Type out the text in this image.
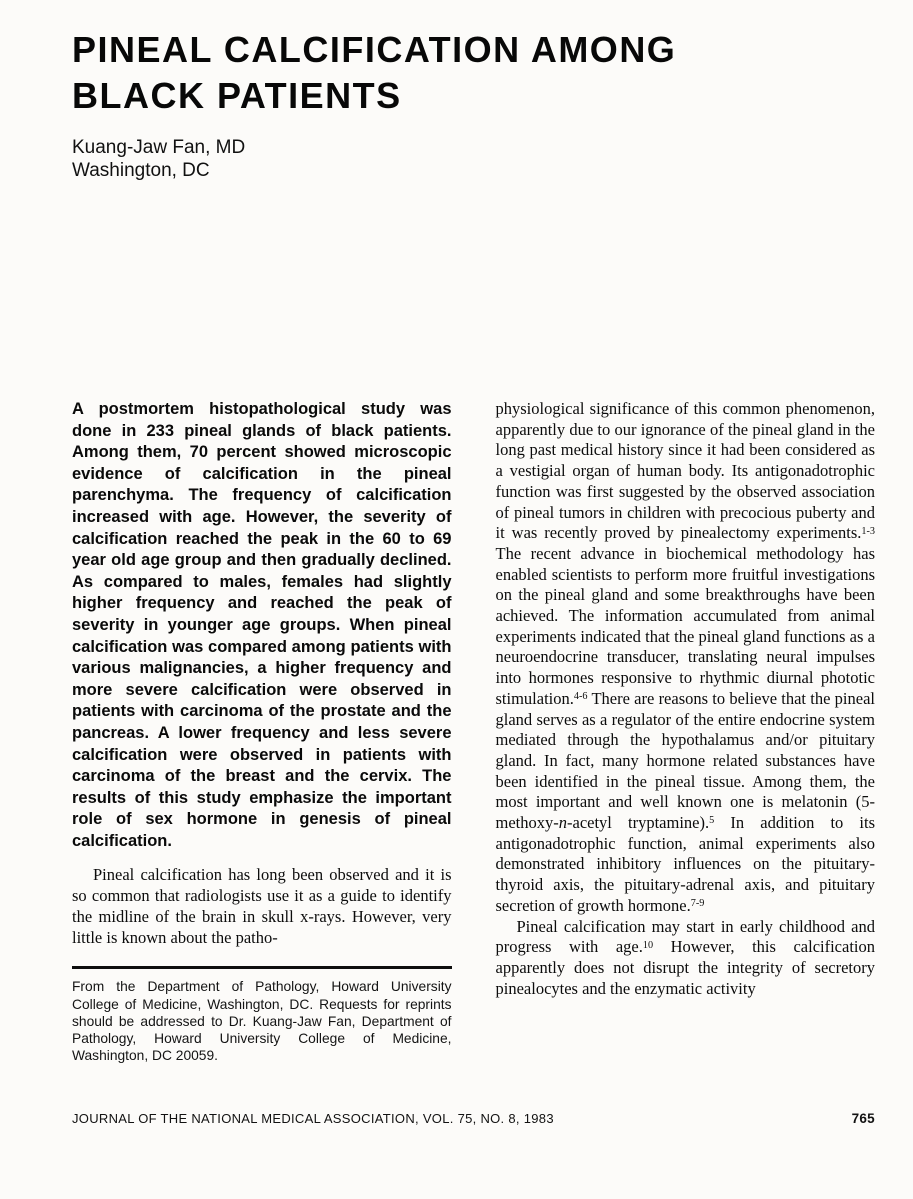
PINEAL CALCIFICATION AMONG
BLACK PATIENTS
Kuang-Jaw Fan, MD
Washington, DC

A postmortem histopathological study was done in 233 pineal glands of black patients. Among them, 70 percent showed microscopic evidence of calcification in the pineal parenchyma. The frequency of calcification increased with age. However, the severity of calcification reached the peak in the 60 to 69 year old age group and then gradually declined. As compared to males, females had slightly higher frequency and reached the peak of severity in younger age groups. When pineal calcification was compared among patients with various malignancies, a higher frequency and more severe calcification were observed in patients with carcinoma of the prostate and the pancreas. A lower frequency and less severe calcification were observed in patients with carcinoma of the breast and the cervix. The results of this study emphasize the important role of sex hormone in genesis of pineal calcification.

Pineal calcification has long been observed and it is so common that radiologists use it as a guide to identify the midline of the brain in skull x-rays. However, very little is known about the patho-

From the Department of Pathology, Howard University College of Medicine, Washington, DC. Requests for reprints should be addressed to Dr. Kuang-Jaw Fan, Department of Pathology, Howard University College of Medicine, Washington, DC 20059.

physiological significance of this common phenomenon, apparently due to our ignorance of the pineal gland in the long past medical history since it had been considered as a vestigial organ of human body. Its antigonadotrophic function was first suggested by the observed association of pineal tumors in children with precocious puberty and it was recently proved by pinealectomy experiments.$^{1-3}$ The recent advance in biochemical methodology has enabled scientists to perform more fruitful investigations on the pineal gland and some breakthroughs have been achieved. The information accumulated from animal experiments indicated that the pineal gland functions as a neuroendocrine transducer, translating neural impulses into hormones responsive to rhythmic diurnal phototic stimulation.$^{4-6}$ There are reasons to believe that the pineal gland serves as a regulator of the entire endocrine system mediated through the hypothalamus and/or pituitary gland. In fact, many hormone related substances have been identified in the pineal tissue. Among them, the most important and well known one is melatonin (5-methoxy-n-acetyl tryptamine).$^5$ In addition to its antigonadotrophic function, animal experiments also demonstrated inhibitory influences on the pituitary-thyroid axis, the pituitary-adrenal axis, and pituitary secretion of growth hormone.$^{7-9}$

Pineal calcification may start in early childhood and progress with age.$^{10}$ However, this calcification apparently does not disrupt the integrity of secretory pinealocytes and the enzymatic activity

JOURNAL OF THE NATIONAL MEDICAL ASSOCIATION, VOL. 75, NO. 8, 1983	765
